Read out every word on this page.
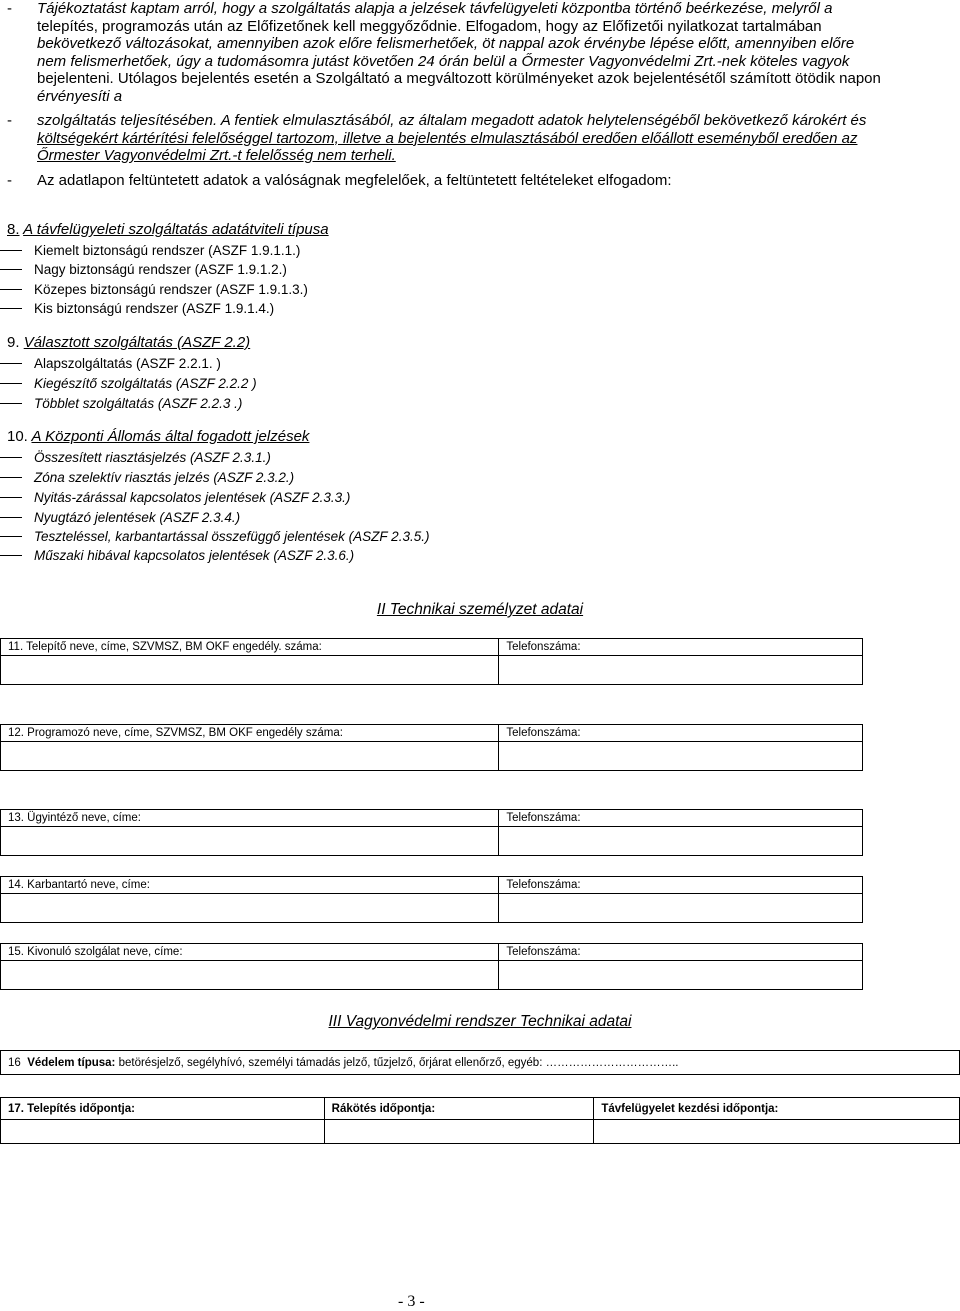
- Tájékoztatást kaptam arról, hogy a szolgáltatás alapja a jelzések távfelügyeleti központba történő beérkezése, melyről a
telepítés, programozás után az Előfizetőnek kell meggyőződnie. Elfogadom, hogy az Előfizetői nyilatkozat tartalmában
bekövetkező változásokat, amennyiben azok előre felismerhetőek, öt nappal azok érvénybe lépése előtt, amennyiben előre
nem felismerhetőek, úgy a tudomásomra jutást követően 24 órán belül a Őrmester Vagyonvédelmi Zrt.-nek köteles vagyok
bejelenteni. Utólagos bejelentés esetén a Szolgáltató a megváltozott körülményeket azok bejelentésétől számított ötödik napon
érvényesíti a
- szolgáltatás teljesítésében. A fentiek elmulasztásából, az általam megadott adatok helytelenségéből bekövetkező károkért és
költségekért kártérítési felelőséggel tartozom, illetve a bejelentés elmulasztásából eredően előállott eseményből eredően az
Őrmester Vagyonvédelmi Zrt.-t felelősség nem terheli.
- Az adatlapon feltüntetett adatok a valóságnak megfelelőek, a feltüntetett feltételeket elfogadom:
8. A távfelügyeleti szolgáltatás adatátviteli típusa
Kiemelt biztonságú rendszer (ASZF 1.9.1.1.)
Nagy biztonságú rendszer (ASZF 1.9.1.2.)
Közepes biztonságú rendszer (ASZF 1.9.1.3.)
Kis biztonságú rendszer (ASZF 1.9.1.4.)
9. Választott szolgáltatás (ASZF 2.2)
Alapszolgáltatás (ASZF 2.2.1. )
Kiegészítő szolgáltatás (ASZF 2.2.2 )
Többlet szolgáltatás (ASZF 2.2.3 .)
10. A Központi Állomás által fogadott jelzések
Összesített riasztásjelzés (ASZF 2.3.1.)
Zóna szelektív riasztás jelzés (ASZF 2.3.2.)
Nyitás-zárással kapcsolatos jelentések (ASZF 2.3.3.)
Nyugtázó jelentések (ASZF 2.3.4.)
Teszteléssel, karbantartással összefüggő jelentések (ASZF 2.3.5.)
Műszaki hibával kapcsolatos jelentések (ASZF 2.3.6.)
II Technikai személyzet adatai
11. Telepítő neve, címe, SZVMSZ, BM OKF engedély. száma:	Telefonszáma:

12. Programozó neve, címe, SZVMSZ, BM OKF engedély száma:	Telefonszáma:

13. Ügyintéző neve, címe:	Telefonszáma:

14. Karbantartó neve, címe:	Telefonszáma:

15. Kivonuló szolgálat neve, címe:	Telefonszáma:

III Vagyonvédelmi rendszer Technikai adatai
16 Védelem típusa: betörésjelző, segélyhívó, személyi támadás jelző, tűzjelző, őrjárat ellenőrző, egyéb: ……………………………..
17. Telepítés időpontja:	Rákötés időpontja:	Távfelügyelet kezdési időpontja:

- 3 -
